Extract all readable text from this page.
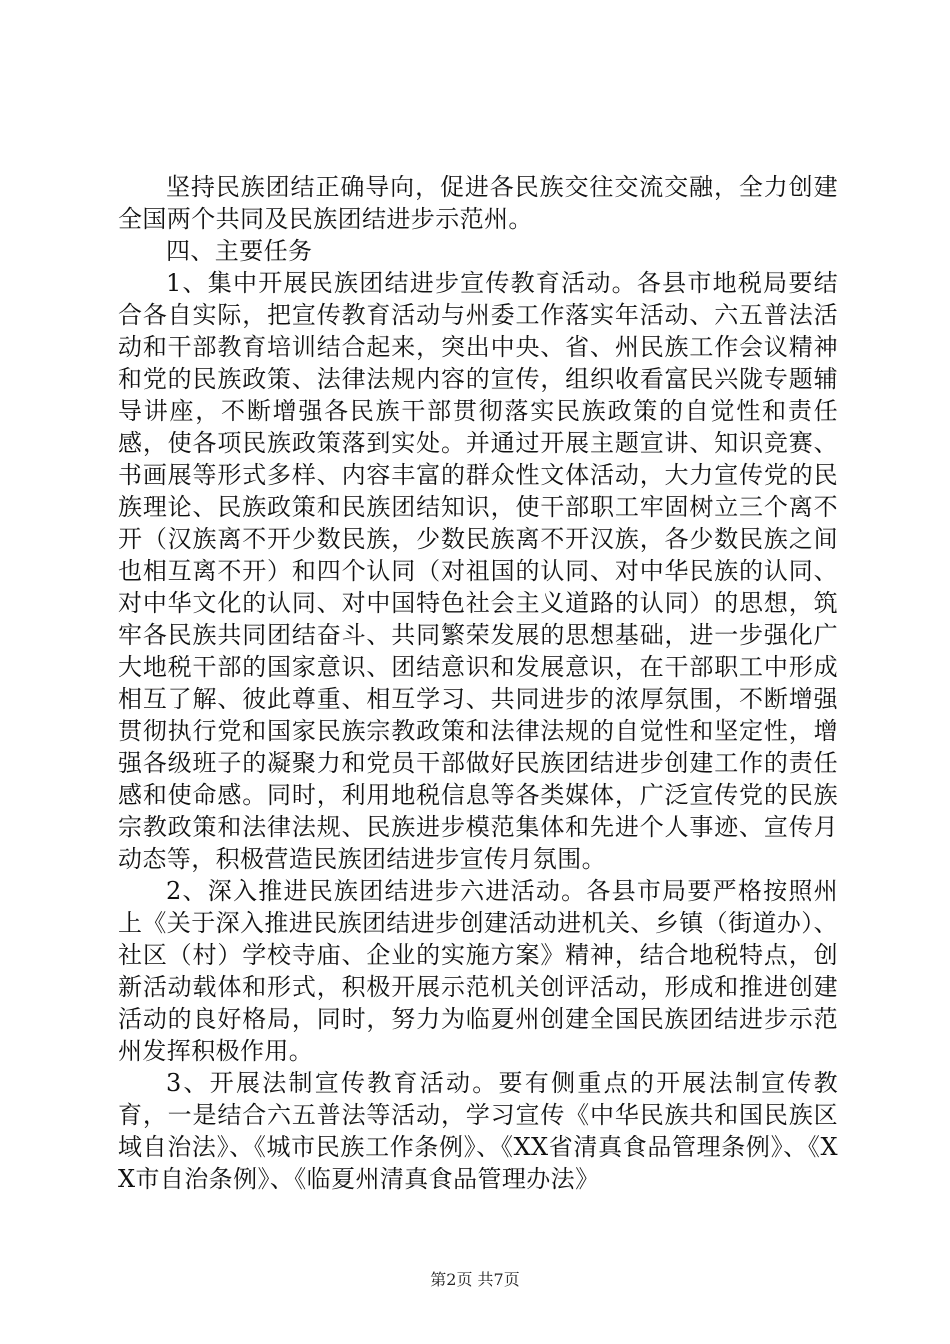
坚持民族团结正确导向，促进各民族交往交流交融，全力创建全国两个共同及民族团结进步示范州。

四、主要任务

1、集中开展民族团结进步宣传教育活动。各县市地税局要结合各自实际，把宣传教育活动与州委工作落实年活动、六五普法活动和干部教育培训结合起来，突出中央、省、州民族工作会议精神和党的民族政策、法律法规内容的宣传，组织收看富民兴陇专题辅导讲座，不断增强各民族干部贯彻落实民族政策的自觉性和责任感，使各项民族政策落到实处。并通过开展主题宣讲、知识竞赛、书画展等形式多样、内容丰富的群众性文体活动，大力宣传党的民族理论、民族政策和民族团结知识，使干部职工牢固树立三个离不开（汉族离不开少数民族，少数民族离不开汉族，各少数民族之间也相互离不开）和四个认同（对祖国的认同、对中华民族的认同、对中华文化的认同、对中国特色社会主义道路的认同）的思想，筑牢各民族共同团结奋斗、共同繁荣发展的思想基础，进一步强化广大地税干部的国家意识、团结意识和发展意识，在干部职工中形成相互了解、彼此尊重、相互学习、共同进步的浓厚氛围，不断增强贯彻执行党和国家民族宗教政策和法律法规的自觉性和坚定性，增强各级班子的凝聚力和党员干部做好民族团结进步创建工作的责任感和使命感。同时，利用地税信息等各类媒体，广泛宣传党的民族宗教政策和法律法规、民族进步模范集体和先进个人事迹、宣传月动态等，积极营造民族团结进步宣传月氛围。

2、深入推进民族团结进步六进活动。各县市局要严格按照州上《关于深入推进民族团结进步创建活动进机关、乡镇（街道办）、社区（村）学校寺庙、企业的实施方案》精神，结合地税特点，创新活动载体和形式，积极开展示范机关创评活动，形成和推进创建活动的良好格局，同时，努力为临夏州创建全国民族团结进步示范州发挥积极作用。

3、开展法制宣传教育活动。要有侧重点的开展法制宣传教育，一是结合六五普法等活动，学习宣传《中华民族共和国民族区域自治法》、《城市民族工作条例》、《XX省清真食品管理条例》、《XX市自治条例》、《临夏州清真食品管理办法》

第2页 共7页
